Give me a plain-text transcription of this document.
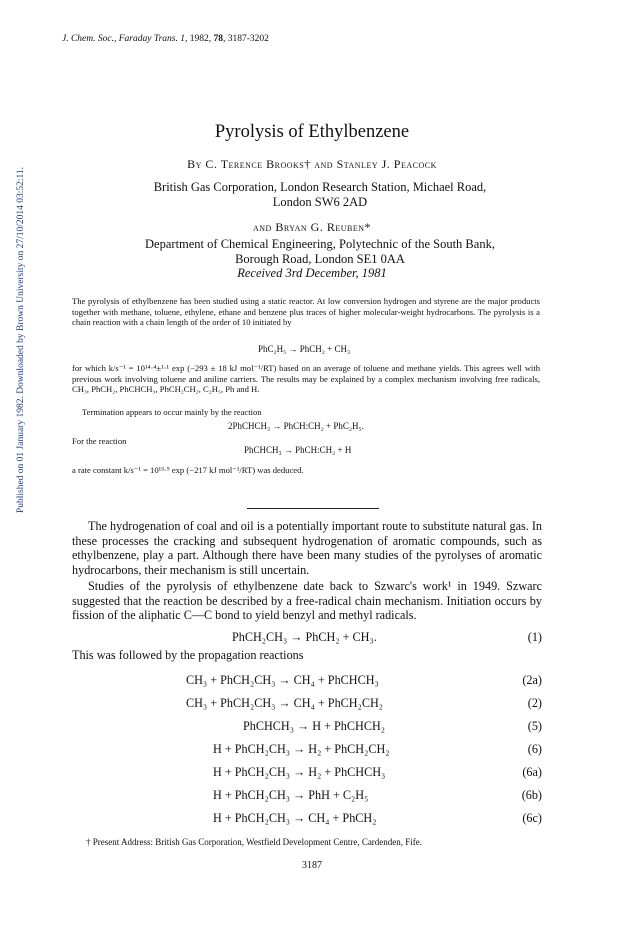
Published on 01 January 1982. Downloaded by Brown University on 27/10/2014 03:52:11.
J. Chem. Soc., Faraday Trans. 1, 1982, 78, 3187-3202
Pyrolysis of Ethylbenzene
By C. Terence Brooks† and Stanley J. Peacock
British Gas Corporation, London Research Station, Michael Road,
London SW6 2AD
and Bryan G. Reuben*
Department of Chemical Engineering, Polytechnic of the South Bank,
Borough Road, London SE1 0AA
Received 3rd December, 1981
The pyrolysis of ethylbenzene has been studied using a static reactor. At low conversion hydrogen and styrene are the major products together with methane, toluene, ethylene, ethane and benzene plus traces of higher molecular-weight hydrocarbons. The pyrolysis is a chain reaction with a chain length of the order of 10 initiated by
PhC₂H₅ → PhCH₂ + CH₃
for which k/s⁻¹ = 10¹⁴·⁴±¹·¹ exp (−293 ± 18 kJ mol⁻¹/RT) based on an average of toluene and methane yields. This agrees well with previous work involving toluene and aniline carriers. The results may be explained by a complex mechanism involving free radicals, CH₃, PhCH₂, PhCHCH₃, PhCH₂CH₂, C₂H₅, Ph and H.
Termination appears to occur mainly by the reaction
2PhCHCH₃ → PhCH:CH₂ + PhC₂H₅.
For the reaction
PhCHCH₃ → PhCH:CH₂ + H
a rate constant k/s⁻¹ = 10¹³·⁹ exp (−217 kJ mol⁻¹/RT) was deduced.
The hydrogenation of coal and oil is a potentially important route to substitute natural gas. In these processes the cracking and subsequent hydrogenation of aromatic compounds, such as ethylbenzene, play a part. Although there have been many studies of the pyrolyses of aromatic hydrocarbons, their mechanism is still uncertain.
Studies of the pyrolysis of ethylbenzene date back to Szwarc's work¹ in 1949. Szwarc suggested that the reaction be described by a free-radical chain mechanism. Initiation occurs by fission of the aliphatic C—C bond to yield benzyl and methyl radicals.
PhCH₂CH₃ → PhCH₂ + CH₃.	(1)
This was followed by the propagation reactions
CH₃ + PhCH₂CH₃ → CH₄ + PhCHCH₃	(2a)
CH₃ + PhCH₂CH₃ → CH₄ + PhCH₂CH₂	(2)
PhCHCH₃ → H + PhCHCH₂	(5)
H + PhCH₂CH₃ → H₂ + PhCH₂CH₂	(6)
H + PhCH₂CH₃ → H₂ + PhCHCH₃	(6a)
H + PhCH₂CH₃ → PhH + C₂H₅	(6b)
H + PhCH₂CH₃ → CH₄ + PhCH₂	(6c)
† Present Address: British Gas Corporation, Westfield Development Centre, Cardenden, Fife.
3187
